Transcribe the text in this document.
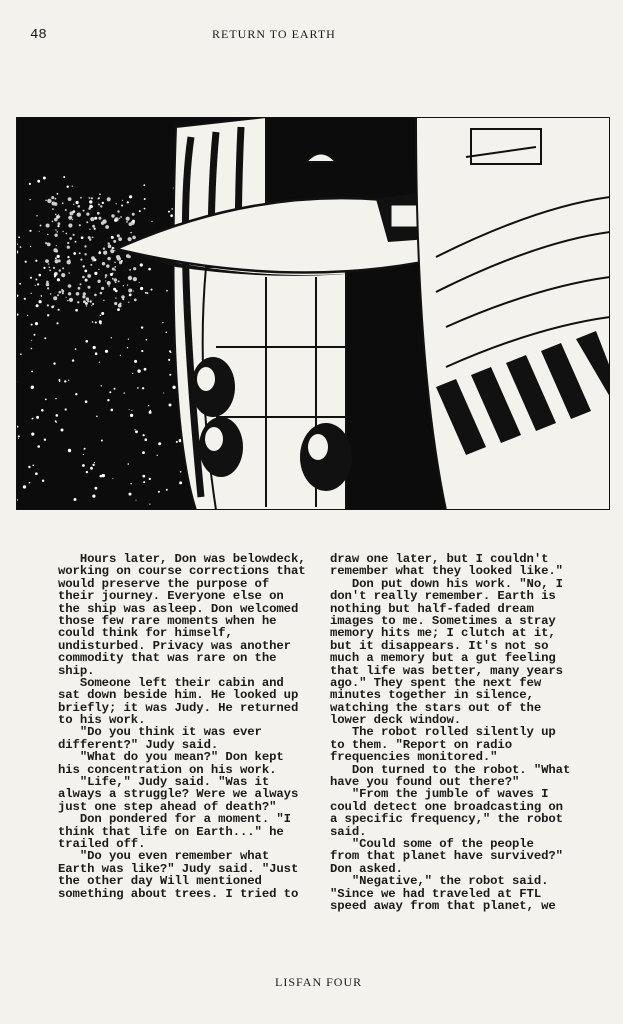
48	RETURN TO EARTH
Hours later, Don was belowdeck,
working on course corrections that
would preserve the purpose of
their journey. Everyone else on
the ship was asleep. Don welcomed
those few rare moments when he
could think for himself,
undisturbed. Privacy was another
commodity that was rare on the
ship.
Someone left their cabin and
sat down beside him. He looked up
briefly; it was Judy. He returned
to his work.
"Do you think it was ever
different?" Judy said.
"What do you mean?" Don kept
his concentration on his work.
"Life," Judy said. "Was it
always a struggle? Were we always
just one step ahead of death?"
Don pondered for a moment. "I
think that life on Earth..." he
trailed off.
"Do you even remember what
Earth was like?" Judy said. "Just
the other day Will mentioned
something about trees. I tried to
draw one later, but I couldn't
remember what they looked like."
Don put down his work. "No, I
don't really remember. Earth is
nothing but half-faded dream
images to me. Sometimes a stray
memory hits me; I clutch at it,
but it disappears. It's not so
much a memory but a gut feeling
that life was better, many years
ago." They spent the next few
minutes together in silence,
watching the stars out of the
lower deck window.
The robot rolled silently up
to them. "Report on radio
frequencies monitored."
Don turned to the robot. "What
have you found out there?"
"From the jumble of waves I
could detect one broadcasting on
a specific frequency," the robot
said.
"Could some of the people
from that planet have survived?"
Don asked.
"Negative," the robot said.
"Since we had traveled at FTL
speed away from that planet, we
LISFAN FOUR
